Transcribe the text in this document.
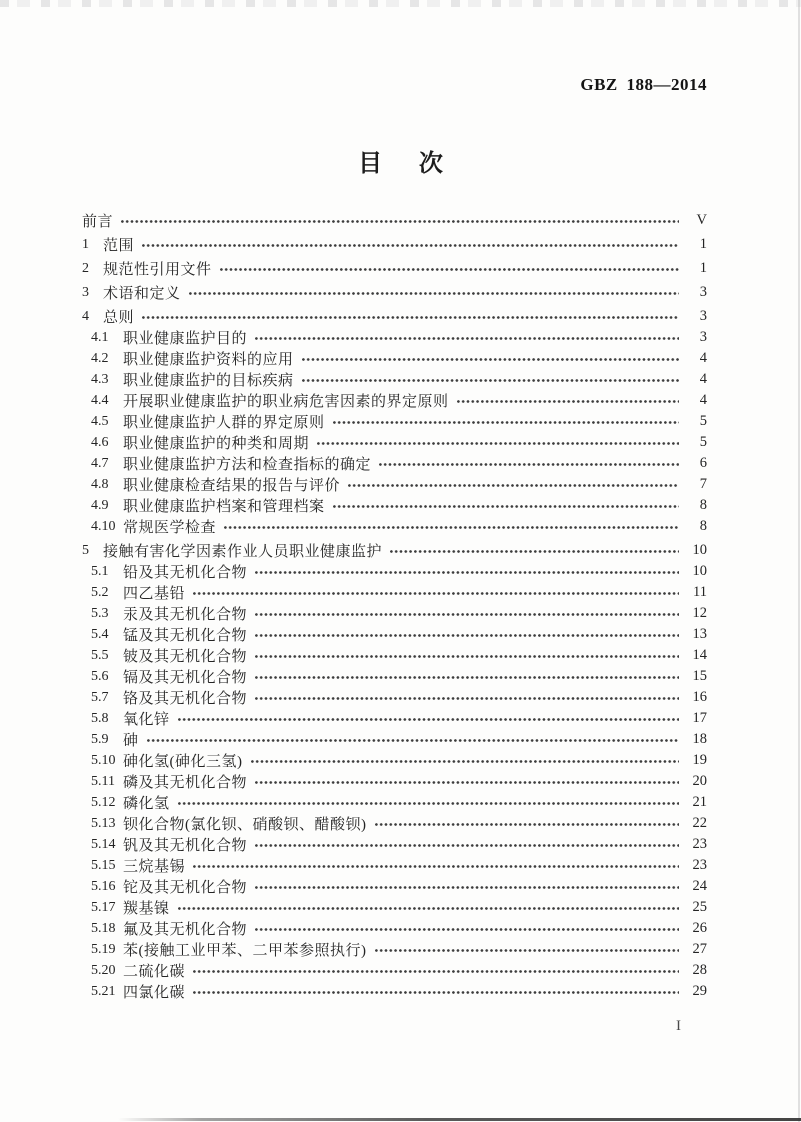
GBZ 188—2014
目 次
前言	V
1 范围	1
2 规范性引用文件	1
3 术语和定义	3
4 总则	3
4.1 职业健康监护目的	3
4.2 职业健康监护资料的应用	4
4.3 职业健康监护的目标疾病	4
4.4 开展职业健康监护的职业病危害因素的界定原则	4
4.5 职业健康监护人群的界定原则	5
4.6 职业健康监护的种类和周期	5
4.7 职业健康监护方法和检查指标的确定	6
4.8 职业健康检查结果的报告与评价	7
4.9 职业健康监护档案和管理档案	8
4.10 常规医学检查	8
5 接触有害化学因素作业人员职业健康监护	10
5.1 铅及其无机化合物	10
5.2 四乙基铅	11
5.3 汞及其无机化合物	12
5.4 锰及其无机化合物	13
5.5 铍及其无机化合物	14
5.6 镉及其无机化合物	15
5.7 铬及其无机化合物	16
5.8 氧化锌	17
5.9 砷	18
5.10 砷化氢(砷化三氢)	19
5.11 磷及其无机化合物	20
5.12 磷化氢	21
5.13 钡化合物(氯化钡、硝酸钡、醋酸钡)	22
5.14 钒及其无机化合物	23
5.15 三烷基锡	23
5.16 铊及其无机化合物	24
5.17 羰基镍	25
5.18 氟及其无机化合物	26
5.19 苯(接触工业甲苯、二甲苯参照执行)	27
5.20 二硫化碳	28
5.21 四氯化碳	29
I
